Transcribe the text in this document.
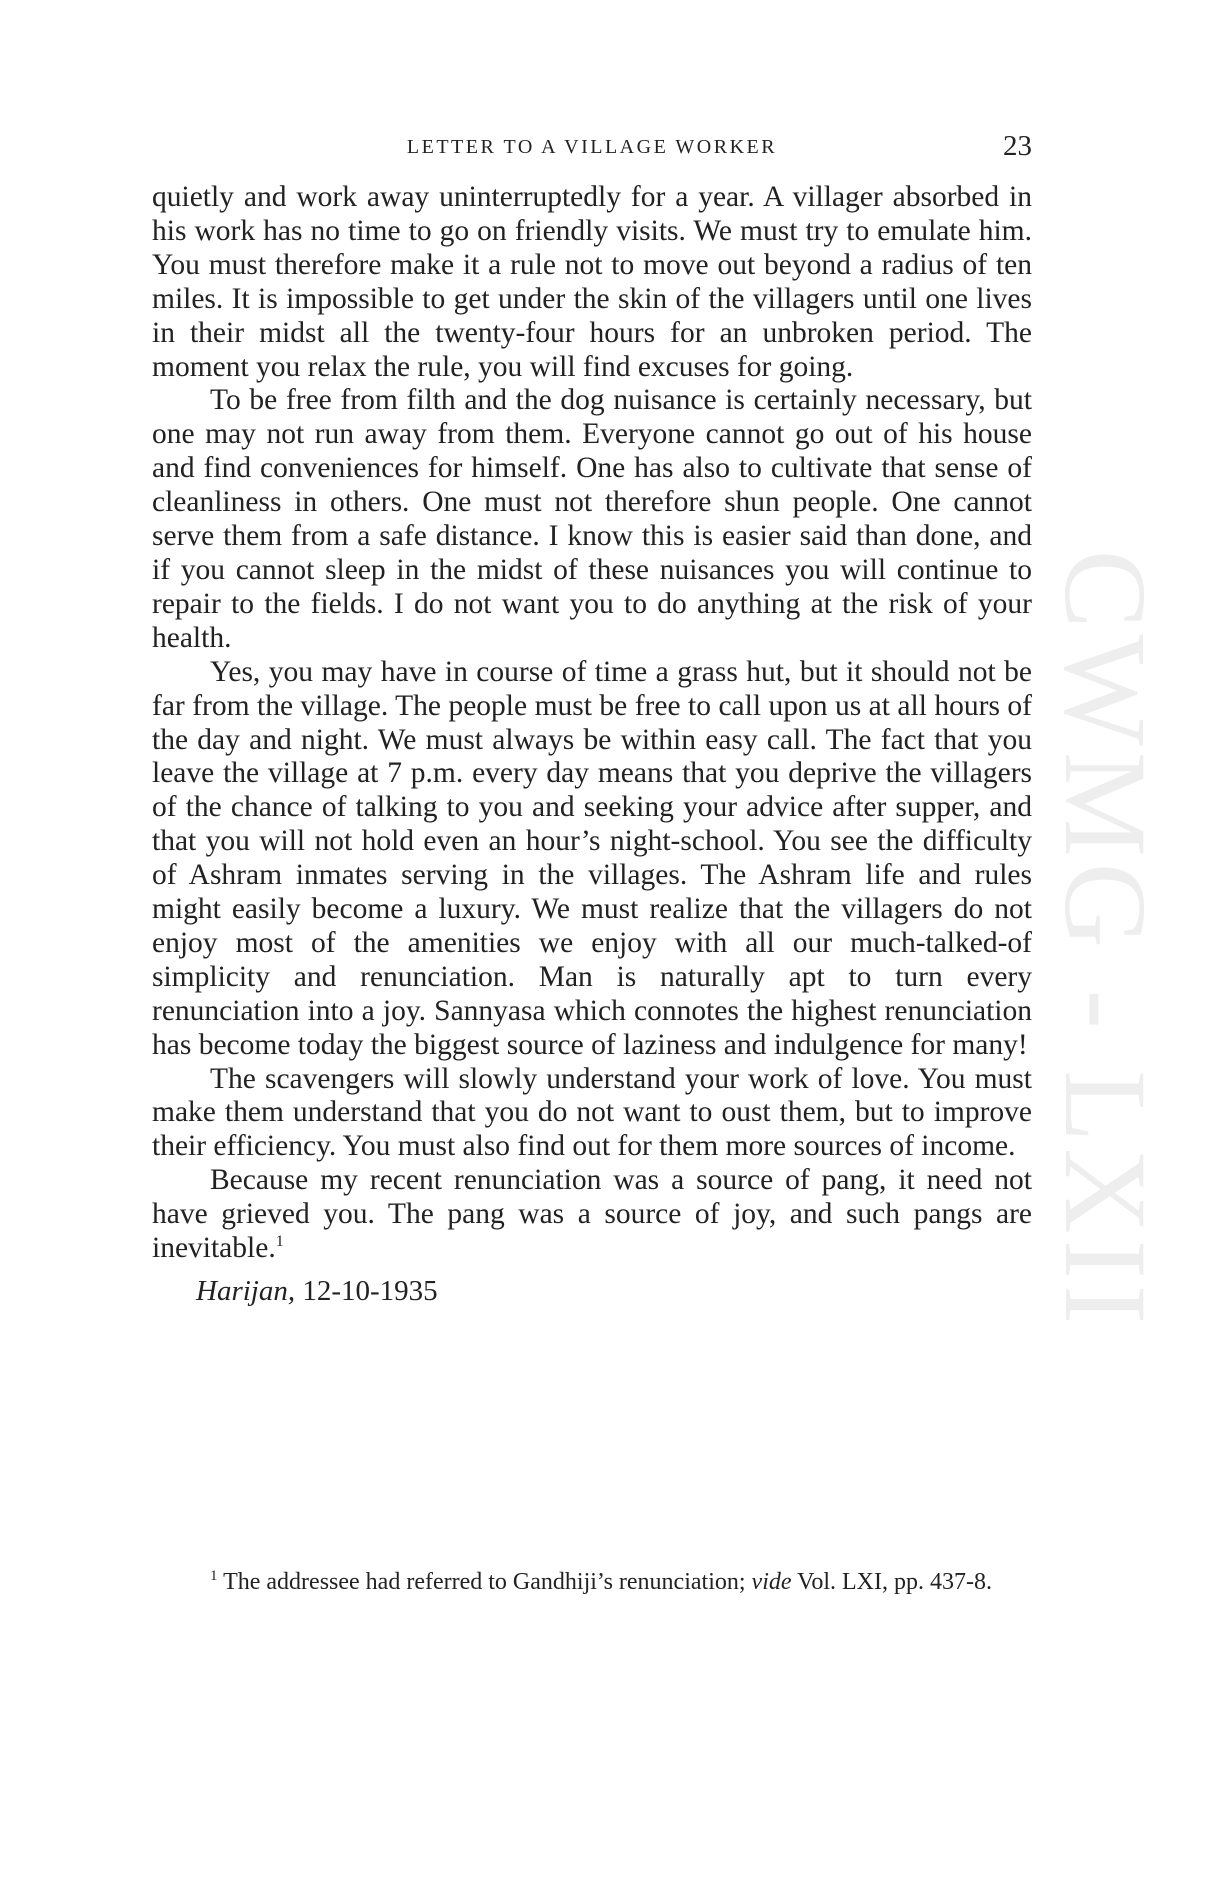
LETTER TO A VILLAGE WORKER	23

quietly and work away uninterruptedly for a year. A villager absorbed in his work has no time to go on friendly visits. We must try to emulate him. You must therefore make it a rule not to move out beyond a radius of ten miles. It is impossible to get under the skin of the villagers until one lives in their midst all the twenty-four hours for an unbroken period. The moment you relax the rule, you will find excuses for going.

To be free from filth and the dog nuisance is certainly necessary, but one may not run away from them. Everyone cannot go out of his house and find conveniences for himself. One has also to cultivate that sense of cleanliness in others. One must not therefore shun people. One cannot serve them from a safe distance. I know this is easier said than done, and if you cannot sleep in the midst of these nuisances you will continue to repair to the fields. I do not want you to do anything at the risk of your health.

Yes, you may have in course of time a grass hut, but it should not be far from the village. The people must be free to call upon us at all hours of the day and night. We must always be within easy call. The fact that you leave the village at 7 p.m. every day means that you deprive the villagers of the chance of talking to you and seeking your advice after supper, and that you will not hold even an hour’s night-school. You see the difficulty of Ashram inmates serving in the villages. The Ashram life and rules might easily become a luxury. We must realize that the villagers do not enjoy most of the amenities we enjoy with all our much-talked-of simplicity and renunciation. Man is naturally apt to turn every renunciation into a joy. Sannyasa which connotes the highest renunciation has become today the biggest source of laziness and indulgence for many!

The scavengers will slowly understand your work of love. You must make them understand that you do not want to oust them, but to improve their efficiency. You must also find out for them more sources of income.

Because my recent renunciation was a source of pang, it need not have grieved you. The pang was a source of joy, and such pangs are inevitable.$^1$

Harijan, 12-10-1935
$^1$ The addressee had referred to Gandhiji’s renunciation; vide Vol. LXI, pp. 437-8.
CWMG - LXII
